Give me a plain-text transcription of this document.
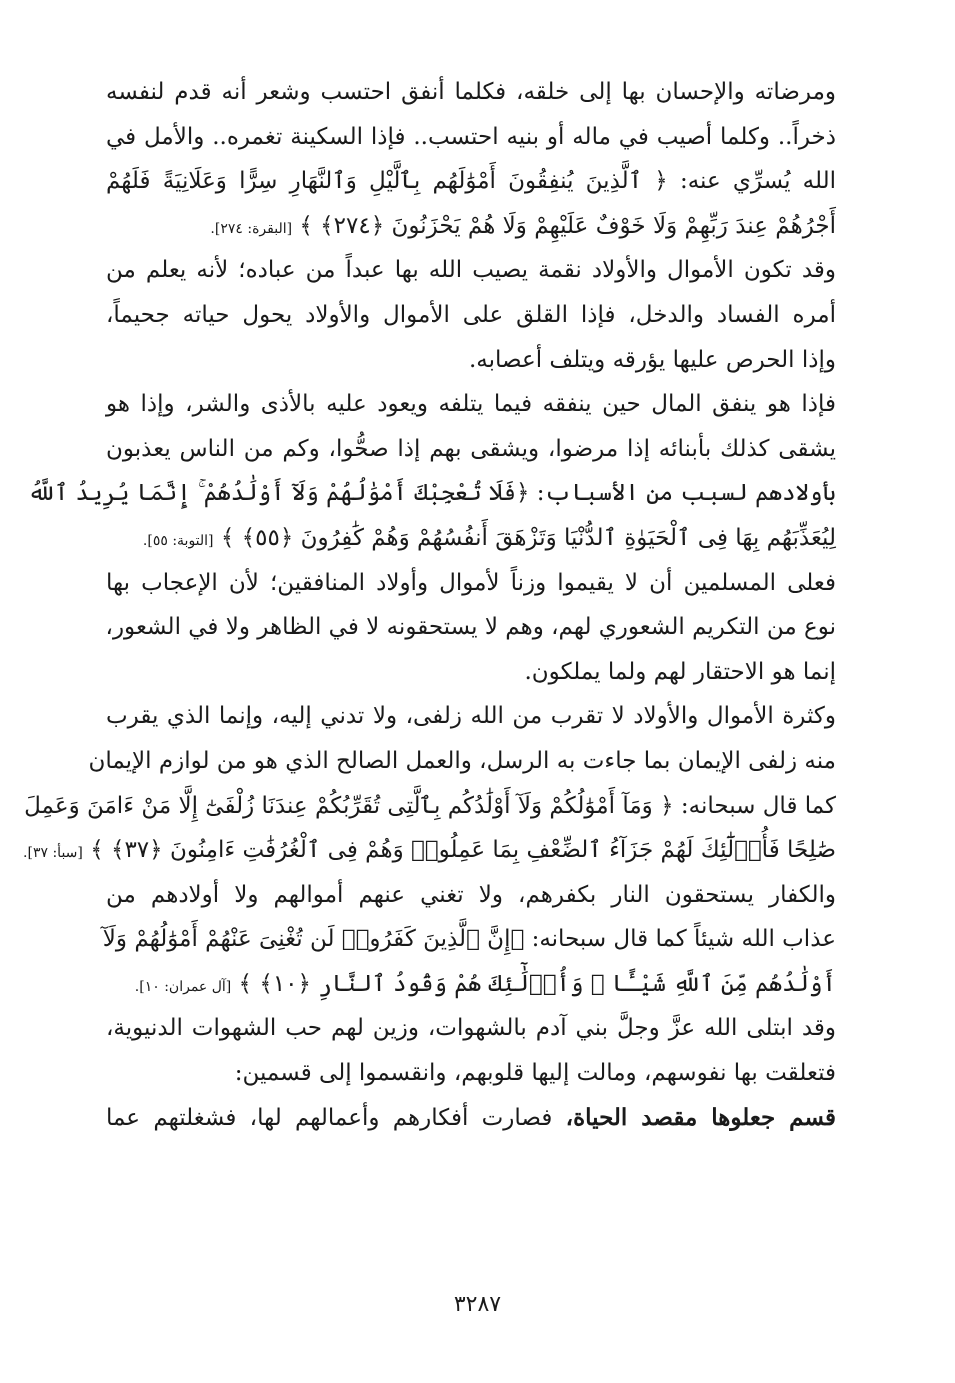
ومرضاته والإحسان بها إلى خلقه، فكلما أنفق احتسب وشعر أنه قدم لنفسه
ذخراً.. وكلما أصيب في ماله أو بنيه احتسب.. فإذا السكينة تغمره.. والأمل في
الله يُسرِّي عنه: ﴿ ٱلَّذِينَ يُنفِقُونَ أَمْوَٰلَهُم بِٱلَّيْلِ وَٱلنَّهَارِ سِرًّا وَعَلَانِيَةً فَلَهُمْ
أَجْرُهُمْ عِندَ رَبِّهِمْ وَلَا خَوْفٌ عَلَيْهِمْ وَلَا هُمْ يَحْزَنُونَ ﴿٢٧٤﴾ ﴾ [البقرة: ٢٧٤].
وقد تكون الأموال والأولاد نقمة يصيب الله بها عبداً من عباده؛ لأنه يعلم من
أمره الفساد والدخل، فإذا القلق على الأموال والأولاد يحول حياته جحيماً،
وإذا الحرص عليها يؤرقه ويتلف أعصابه.
فإذا هو ينفق المال حين ينفقه فيما يتلفه ويعود عليه بالأذى والشر، وإذا هو
يشقى كذلك بأبنائه إذا مرضوا، ويشقى بهم إذا صحُّوا، وكم من الناس يعذبون
بأولادهم لسبب من الأسباب: ﴿فَلَا تُعْجِبْكَ أَمْوَٰلُهُمْ وَلَآ أَوْلَٰدُهُمْ ۚ إِنَّمَا يُرِيدُ ٱللَّهُ
لِيُعَذِّبَهُم بِهَا فِى ٱلْحَيَوٰةِ ٱلدُّنْيَا وَتَزْهَقَ أَنفُسُهُمْ وَهُمْ كَٰفِرُونَ ﴿٥٥﴾ ﴾ [التوبة: ٥٥].
فعلى المسلمين أن لا يقيموا وزناً لأموال وأولاد المنافقين؛ لأن الإعجاب بها
نوع من التكريم الشعوري لهم، وهم لا يستحقونه لا في الظاهر ولا في الشعور،
إنما هو الاحتقار لهم ولما يملكون.
وكثرة الأموال والأولاد لا تقرب من الله زلفى، ولا تدني إليه، وإنما الذي يقرب
منه زلفى الإيمان بما جاءت به الرسل، والعمل الصالح الذي هو من لوازم الإيمان
كما قال سبحانه: ﴿ وَمَآ أَمْوَٰلُكُمْ وَلَآ أَوْلَٰدُكُم بِٱلَّتِى تُقَرِّبُكُمْ عِندَنَا زُلْفَىٰٓ إِلَّا مَنْ ءَامَنَ وَعَمِلَ
صَٰلِحًا فَأُو۟لَٰٓئِكَ لَهُمْ جَزَآءُ ٱلضِّعْفِ بِمَا عَمِلُوا۟ وَهُمْ فِى ٱلْغُرُفَٰتِ ءَامِنُونَ ﴿٣٧﴾ ﴾ [سبأ: ٣٧].
والكفار يستحقون النار بكفرهم، ولا تغني عنهم أموالهم ولا أولادهم من
عذاب الله شيئاً كما قال سبحانه: ﴿إِنَّ ٱلَّذِينَ كَفَرُوا۟ لَن تُغْنِىَ عَنْهُمْ أَمْوَٰلُهُمْ وَلَآ
أَوْلَٰدُهُم مِّنَ ٱللَّهِ شَيْـًٔا ۖ وَأُو۟لَٰٓئِكَ هُمْ وَقُودُ ٱلنَّارِ ﴿١٠﴾ ﴾ [آل عمران: ١٠].
وقد ابتلى الله عزَّ وجلَّ بني آدم بالشهوات، وزين لهم حب الشهوات الدنيوية،
فتعلقت بها نفوسهم، ومالت إليها قلوبهم، وانقسموا إلى قسمين:
قسم جعلوها مقصد الحياة، فصارت أفكارهم وأعمالهم لها، فشغلتهم عما
٣٢٨٧
